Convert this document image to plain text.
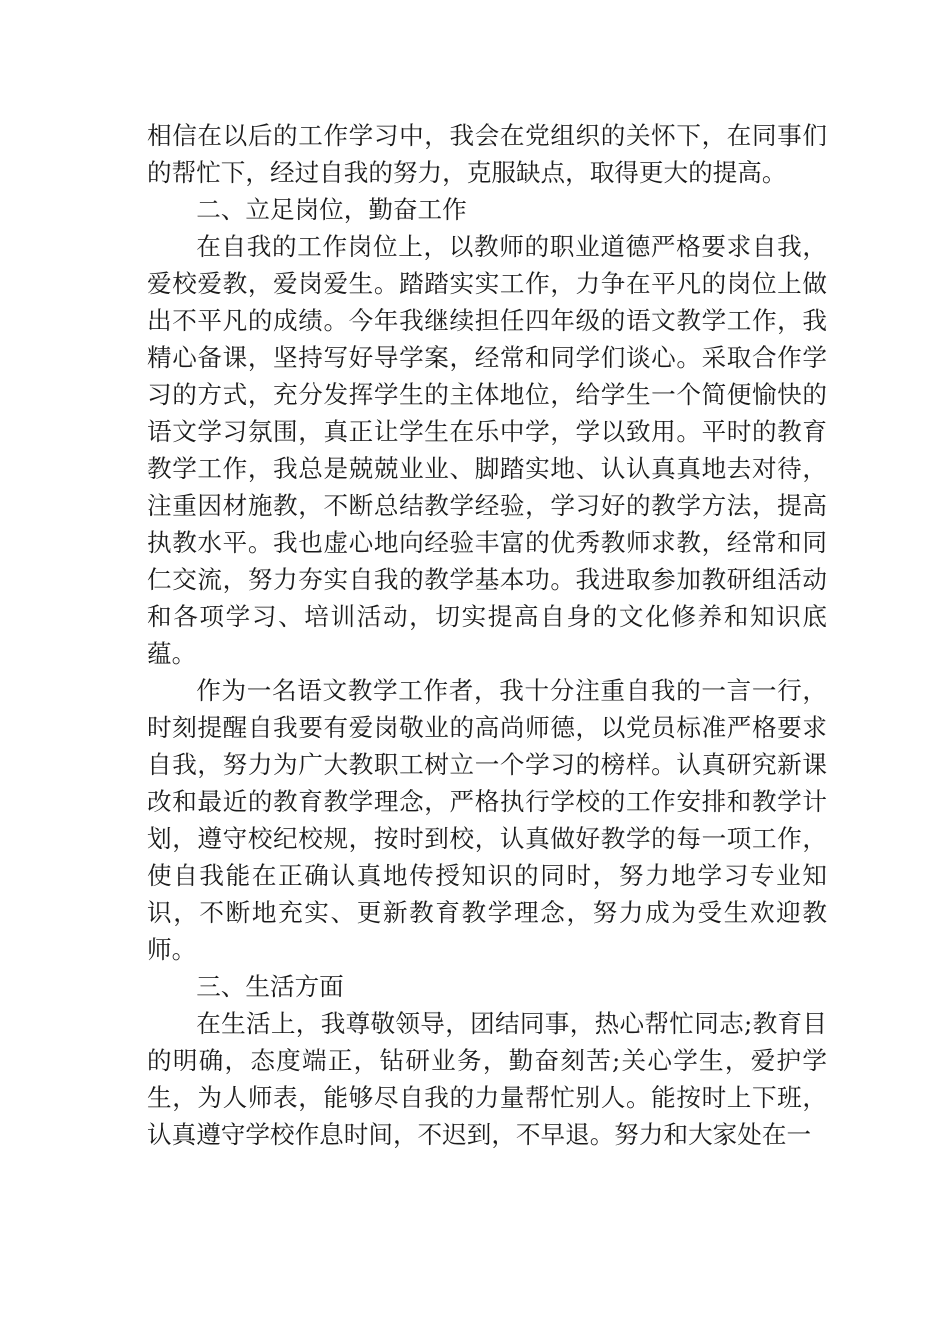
相信在以后的工作学习中，我会在党组织的关怀下，在同事们的帮忙下，经过自我的努力，克服缺点，取得更大的提高。

二、立足岗位，勤奋工作

在自我的工作岗位上，以教师的职业道德严格要求自我，爱校爱教，爱岗爱生。踏踏实实工作，力争在平凡的岗位上做出不平凡的成绩。今年我继续担任四年级的语文教学工作，我精心备课，坚持写好导学案，经常和同学们谈心。采取合作学习的方式，充分发挥学生的主体地位，给学生一个简便愉快的语文学习氛围，真正让学生在乐中学，学以致用。平时的教育教学工作，我总是兢兢业业、脚踏实地、认认真真地去对待，注重因材施教，不断总结教学经验，学习好的教学方法，提高执教水平。我也虚心地向经验丰富的优秀教师求教，经常和同仁交流，努力夯实自我的教学基本功。我进取参加教研组活动和各项学习、培训活动，切实提高自身的文化修养和知识底蕴。

作为一名语文教学工作者，我十分注重自我的一言一行，时刻提醒自我要有爱岗敬业的高尚师德，以党员标准严格要求自我，努力为广大教职工树立一个学习的榜样。认真研究新课改和最近的教育教学理念，严格执行学校的工作安排和教学计划，遵守校纪校规，按时到校，认真做好教学的每一项工作，使自我能在正确认真地传授知识的同时，努力地学习专业知识，不断地充实、更新教育教学理念，努力成为受生欢迎教师。

三、生活方面

在生活上，我尊敬领导，团结同事，热心帮忙同志;教育目的明确，态度端正，钻研业务，勤奋刻苦;关心学生，爱护学生，为人师表，能够尽自我的力量帮忙别人。能按时上下班，认真遵守学校作息时间，不迟到，不早退。努力和大家处在一
